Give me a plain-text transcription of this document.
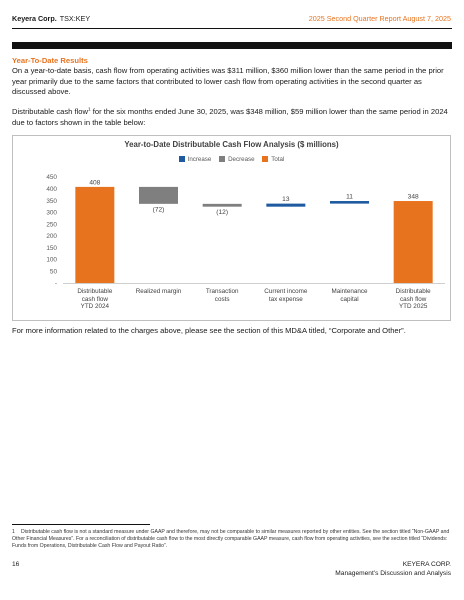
Keyera Corp. TSX:KEY	2025 Second Quarter Report August 7, 2025
Year-To-Date Results
On a year-to-date basis, cash flow from operating activities was $311 million, $360 million lower than the same period in the prior year primarily due to the same factors that contributed to lower cash flow from operating activities in the second quarter as discussed above.
Distributable cash flow$^1$ for the six months ended June 30, 2025, was $348 million, $59 million lower than the same period in 2024 due to factors shown in the table below:
Year-to-Date Distributable Cash Flow Analysis ($ millions)
Increase	Decrease	Total
-
50
100
150
200
250
300
350
400
450
408
(72)	(12)
13	11	348
Distributable
cash flow
YTD 2024
Realized margin	Transaction
costs
Current income
tax expense
Maintenance
capital
Distributable
cash flow
YTD 2025
For more information related to the charges above, please see the section of this MD&A titled, “Corporate and Other”.
1 Distributable cash flow is not a standard measure under GAAP and therefore, may not be comparable to similar measures reported by other entities. See the section titled “Non-GAAP and Other Financial Measures”. For a reconciliation of distributable cash flow to the most directly comparable GAAP measure, cash flow from operating activities, see the section titled “Dividends: Funds from Operations, Distributable Cash Flow and Payout Ratio”.
16	KEYERA CORP.
Management’s Discussion and Analysis
